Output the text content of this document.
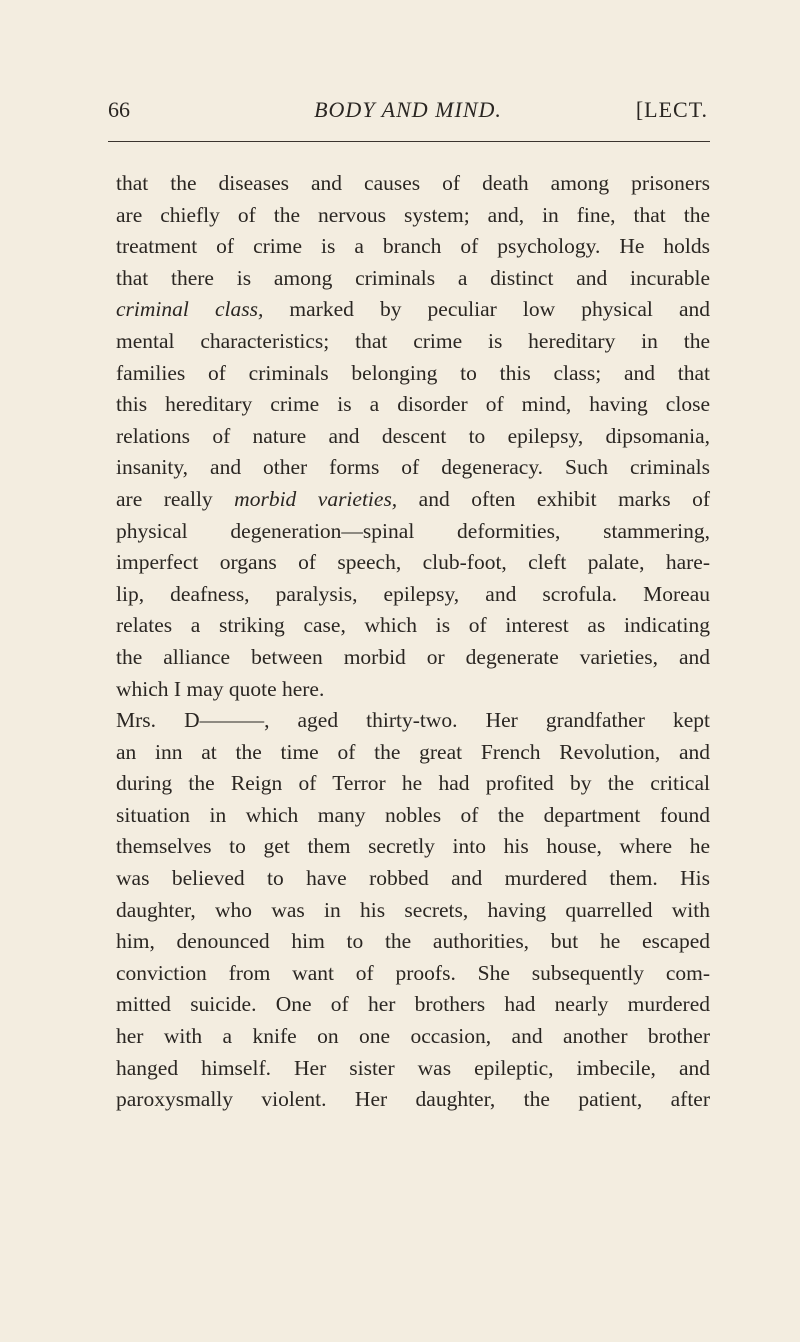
66	BODY AND MIND.	[LECT.
that the diseases and causes of death among prisoners
are chiefly of the nervous system; and, in fine, that the
treatment of crime is a branch of psychology. He holds
that there is among criminals a distinct and incurable
criminal class, marked by peculiar low physical and
mental characteristics; that crime is hereditary in the
families of criminals belonging to this class; and that
this hereditary crime is a disorder of mind, having close
relations of nature and descent to epilepsy, dipsomania,
insanity, and other forms of degeneracy. Such criminals
are really morbid varieties, and often exhibit marks of
physical degeneration—spinal deformities, stammering,
imperfect organs of speech, club-foot, cleft palate, hare-
lip, deafness, paralysis, epilepsy, and scrofula. Moreau
relates a striking case, which is of interest as indicating
the alliance between morbid or degenerate varieties, and
which I may quote here.
Mrs. D———, aged thirty-two. Her grandfather kept
an inn at the time of the great French Revolution, and
during the Reign of Terror he had profited by the critical
situation in which many nobles of the department found
themselves to get them secretly into his house, where he
was believed to have robbed and murdered them. His
daughter, who was in his secrets, having quarrelled with
him, denounced him to the authorities, but he escaped
conviction from want of proofs. She subsequently com-
mitted suicide. One of her brothers had nearly murdered
her with a knife on one occasion, and another brother
hanged himself. Her sister was epileptic, imbecile, and
paroxysmally violent. Her daughter, the patient, after
